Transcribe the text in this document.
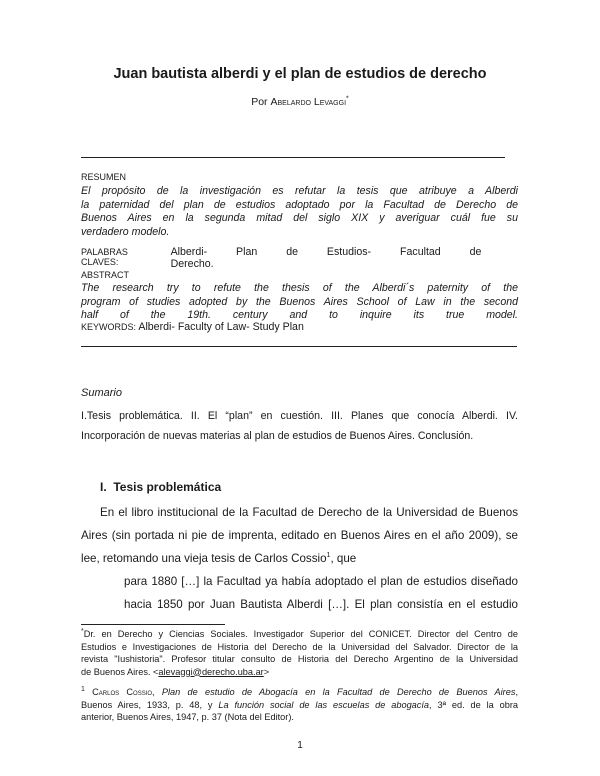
Juan bautista alberdi y el plan de estudios de derecho
Por Abelardo Levaggi*
RESUMEN
El propósito de la investigación es refutar la tesis que atribuye a Alberdi
la paternidad del plan de estudios adoptado por la Facultad de Derecho de
Buenos Aires en la segunda mitad del siglo XIX y averiguar cuál fue su
verdadero modelo.
PALABRAS CLAVES:
Alberdi- Plan de Estudios- Facultad de Derecho.
ABSTRACT
The research try to refute the thesis of the Alberdi´s paternity of the
program of studies adopted by the Buenos Aires School of Law in the second
half of the 19th. century and to inquire its true model.
KEYWORDS: Alberdi- Faculty of Law- Study Plan
Sumario
I.Tesis problemática. II. El “plan” en cuestión. III. Planes que conocía Alberdi. IV.
Incorporación de nuevas materias al plan de estudios de Buenos Aires. Conclusión.
I. Tesis problemática
En el libro institucional de la Facultad de Derecho de la Universidad de Buenos
Aires (sin portada ni pie de imprenta, editado en Buenos Aires en el año 2009), se
lee, retomando una vieja tesis de Carlos Cossio$^1$, que
para 1880 […] la Facultad ya había adoptado el plan de estudios diseñado
hacia 1850 por Juan Bautista Alberdi […]. El plan consistía en el estudio
*Dr. en Derecho y Ciencias Sociales. Investigador Superior del CONICET. Director del Centro de
Estudios e Investigaciones de Historia del Derecho de la Universidad del Salvador. Director de la
revista "Iushistoria". Profesor titular consulto de Historia del Derecho Argentino de la Universidad
de Buenos Aires. <alevaggi@derecho.uba.ar>
$^1$ Carlos Cossio, Plan de estudio de Abogacía en la Facultad de Derecho de Buenos Aires,
Buenos Aires, 1933, p. 48, y La función social de las escuelas de abogacía, 3ª ed. de la obra
anterior, Buenos Aires, 1947, p. 37 (Nota del Editor).
1
